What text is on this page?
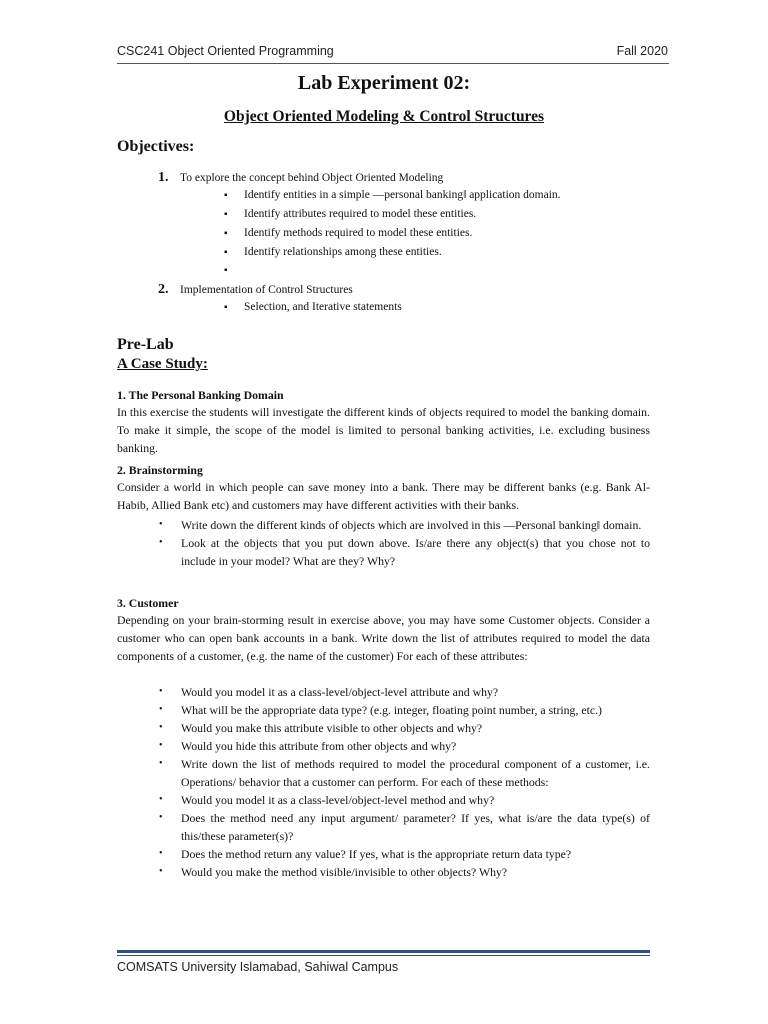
CSC241 Object Oriented Programming	Fall 2020
Lab Experiment 02:
Object Oriented Modeling & Control Structures
Objectives:
1. To explore the concept behind Object Oriented Modeling
▪ Identify entities in a simple ―personal banking‖ application domain.
▪ Identify attributes required to model these entities.
▪ Identify methods required to model these entities.
▪ Identify relationships among these entities.
▪
2. Implementation of Control Structures
▪ Selection, and Iterative statements
Pre-Lab
A Case Study:
1. The Personal Banking Domain

In this exercise the students will investigate the different kinds of objects required to model the banking domain. To make it simple, the scope of the model is limited to personal banking activities, i.e. excluding business banking.

2. Brainstorming

Consider a world in which people can save money into a bank. There may be different banks (e.g. Bank Al-Habib, Allied Bank etc) and customers may have different activities with their banks.

• Write down the different kinds of objects which are involved in this ―Personal banking‖ domain.
• Look at the objects that you put down above. Is/are there any object(s) that you chose not to include in your model? What are they? Why?
3. Customer

Depending on your brain-storming result in exercise above, you may have some Customer objects. Consider a customer who can open bank accounts in a bank. Write down the list of attributes required to model the data components of a customer, (e.g. the name of the customer) For each of these attributes:

• Would you model it as a class-level/object-level attribute and why?
• What will be the appropriate data type? (e.g. integer, floating point number, a string, etc.)
• Would you make this attribute visible to other objects and why?
• Would you hide this attribute from other objects and why?
• Write down the list of methods required to model the procedural component of a customer, i.e. Operations/ behavior that a customer can perform. For each of these methods:
• Would you model it as a class-level/object-level method and why?
• Does the method need any input argument/ parameter? If yes, what is/are the data type(s) of this/these parameter(s)?
• Does the method return any value? If yes, what is the appropriate return data type?
• Would you make the method visible/invisible to other objects? Why?
COMSATS University Islamabad, Sahiwal Campus
